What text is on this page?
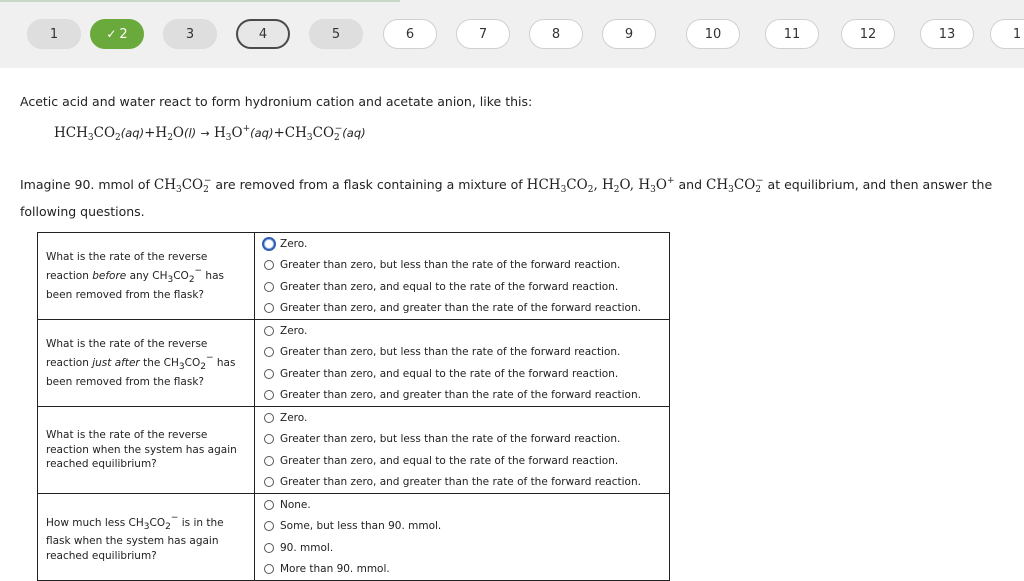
1	✓ 2	3	4	5	6	7	8	9	10	11	12	13	1
Acetic acid and water react to form hydronium cation and acetate anion, like this:
$HCH_3CO_2(aq)+H_2O(l) \to H_3O^+(aq)+CH_3CO_2^-(aq)$
Imagine 90. mmol of $CH_3CO_2^-$ are removed from a flask containing a mixture of $HCH_3CO_2$, $H_2O$, $H_3O^+$ and $CH_3CO_2^-$ at equilibrium, and then answer the following questions.
What is the rate of the reverse reaction before any $CH_3CO_2^-$ has been removed from the flask?	Zero.
Greater than zero, but less than the rate of the forward reaction.
Greater than zero, and equal to the rate of the forward reaction.
Greater than zero, and greater than the rate of the forward reaction.

What is the rate of the reverse reaction just after the $CH_3CO_2^-$ has been removed from the flask?	Zero.
Greater than zero, but less than the rate of the forward reaction.
Greater than zero, and equal to the rate of the forward reaction.
Greater than zero, and greater than the rate of the forward reaction.

What is the rate of the reverse reaction when the system has again reached equilibrium?	Zero.
Greater than zero, but less than the rate of the forward reaction.
Greater than zero, and equal to the rate of the forward reaction.
Greater than zero, and greater than the rate of the forward reaction.

How much less $CH_3CO_2^-$ is in the flask when the system has again reached equilibrium?	None.
Some, but less than 90. mmol.
90. mmol.
More than 90. mmol.
